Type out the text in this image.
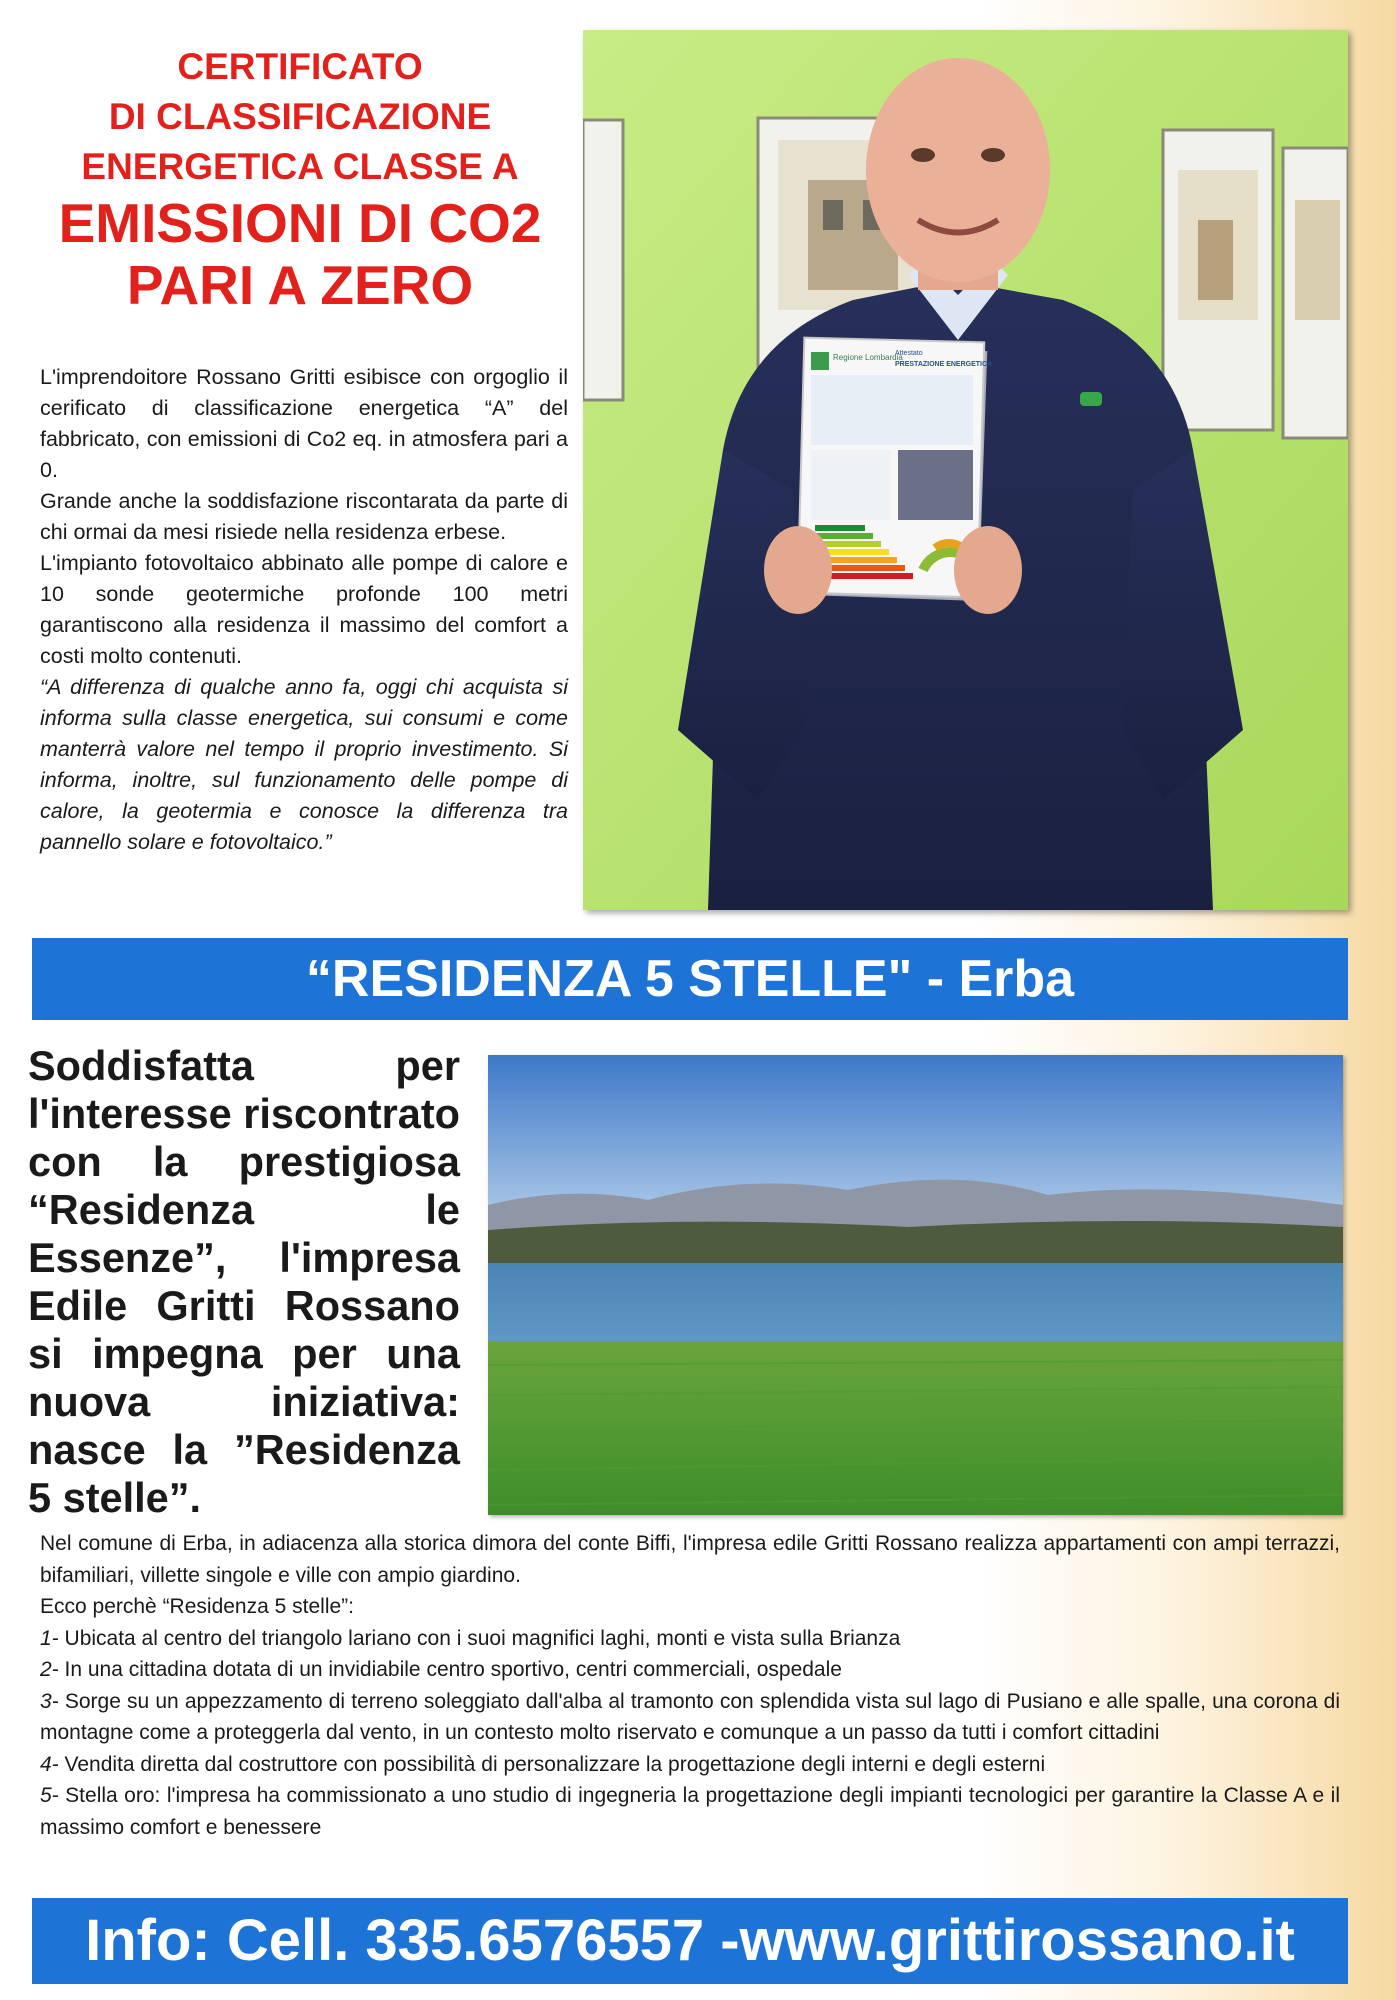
CERTIFICATO
DI CLASSIFICAZIONE
ENERGETICA CLASSE A
EMISSIONI DI CO2
PARI A ZERO

L'imprendoitore Rossano Gritti esibisce con orgoglio il cerificato di classificazione energetica “A” del fabbricato, con emissioni di Co2 eq. in atmosfera pari a 0.

Grande anche la soddisfazione riscontarata da parte di chi ormai da mesi risiede nella residenza erbese.

L'impianto fotovoltaico abbinato alle pompe di calore e 10 sonde geotermiche profonde 100 metri garantiscono alla residenza il massimo del comfort a costi molto contenuti.

“A differenza di qualche anno fa, oggi chi acquista si informa sulla classe energetica, sui consumi e come manterrà valore nel tempo il proprio investimento. Si informa, inoltre, sul funzionamento delle pompe di calore, la geotermia e conosce la differenza tra pannello solare e fotovoltaico.”

Regione Lombardia
Attestato
PRESTAZIONE ENERGETICA
“RESIDENZA 5 STELLE" - Erba
Soddisfatta per l'interesse riscontrato con la prestigiosa “Residenza le Essenze”, l'impresa Edile Gritti Rossano si impegna per una nuova iniziativa: nasce la ”Residenza 5 stelle”.

Nel comune di Erba, in adiacenza alla storica dimora del conte Biffi, l'impresa edile Gritti Rossano realizza appartamenti con ampi terrazzi, bifamiliari, villette singole e ville con ampio giardino.

Ecco perchè “Residenza 5 stelle”:

1- Ubicata al centro del triangolo lariano con i suoi magnifici laghi, monti e vista sulla Brianza

2- In una cittadina dotata di un invidiabile centro sportivo, centri commerciali, ospedale

3- Sorge su un appezzamento di terreno soleggiato dall'alba al tramonto con splendida vista sul lago di Pusiano e alle spalle, una corona di montagne come a proteggerla dal vento, in un contesto molto riservato e comunque a un passo da tutti i comfort cittadini

4- Vendita diretta dal costruttore con possibilità di personalizzare la progettazione degli interni e degli esterni

5- Stella oro: l'impresa ha commissionato a uno studio di ingegneria la progettazione degli impianti tecnologici per garantire la Classe A e il massimo comfort e benessere

Info: Cell. 335.6576557 -www.grittirossano.it
